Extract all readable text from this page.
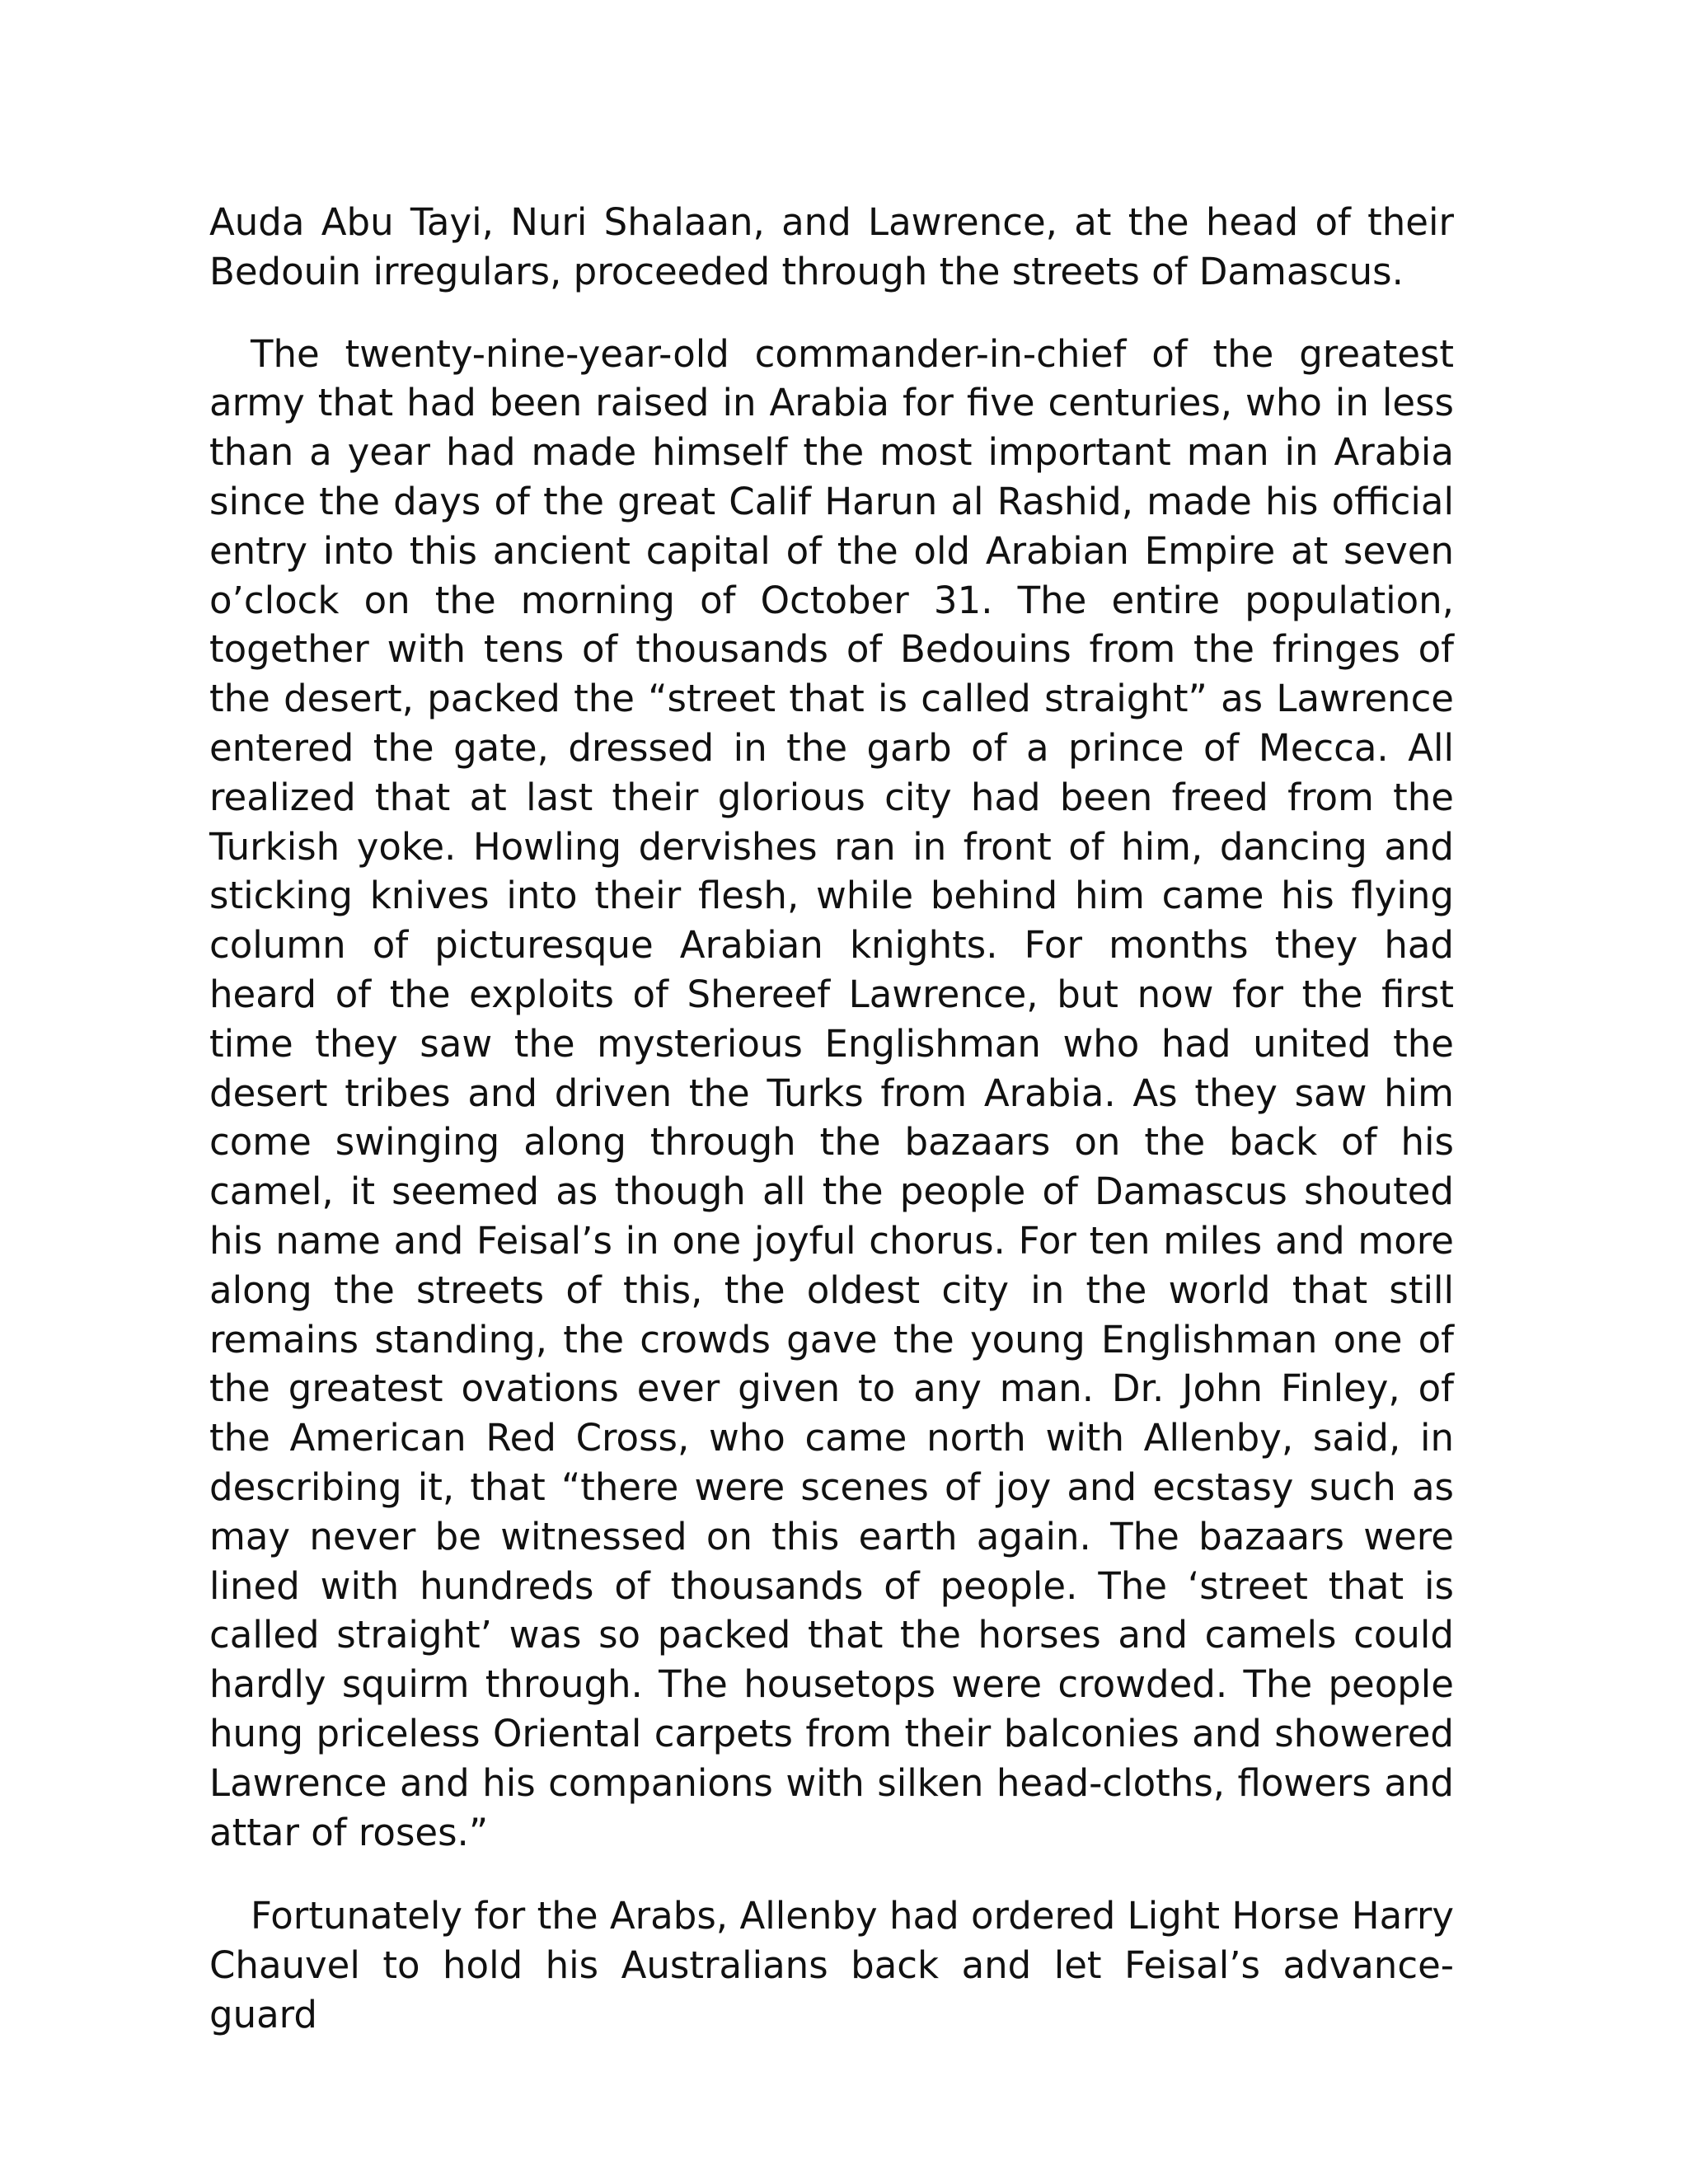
Auda Abu Tayi, Nuri Shalaan, and Lawrence, at the head of their Bedouin irregulars, proceeded through the streets of Damascus.

The twenty-nine-year-old commander-in-chief of the greatest army that had been raised in Arabia for five centuries, who in less than a year had made himself the most important man in Arabia since the days of the great Calif Harun al Rashid, made his official entry into this ancient capital of the old Arabian Empire at seven o’clock on the morning of October 31. The entire population, together with tens of thousands of Bedouins from the fringes of the desert, packed the “street that is called straight” as Lawrence entered the gate, dressed in the garb of a prince of Mecca. All realized that at last their glorious city had been freed from the Turkish yoke. Howling dervishes ran in front of him, dancing and sticking knives into their flesh, while behind him came his flying column of picturesque Arabian knights. For months they had heard of the exploits of Shereef Lawrence, but now for the first time they saw the mysterious Englishman who had united the desert tribes and driven the Turks from Arabia. As they saw him come swinging along through the bazaars on the back of his camel, it seemed as though all the people of Damascus shouted his name and Feisal’s in one joyful chorus. For ten miles and more along the streets of this, the oldest city in the world that still remains standing, the crowds gave the young Englishman one of the greatest ovations ever given to any man. Dr. John Finley, of the American Red Cross, who came north with Allenby, said, in describing it, that “there were scenes of joy and ecstasy such as may never be witnessed on this earth again. The bazaars were lined with hundreds of thousands of people. The ‘street that is called straight’ was so packed that the horses and camels could hardly squirm through. The housetops were crowded. The people hung priceless Oriental carpets from their balconies and showered Lawrence and his companions with silken head-cloths, flowers and attar of roses.”

Fortunately for the Arabs, Allenby had ordered Light Horse Harry Chauvel to hold his Australians back and let Feisal’s advance-guard
